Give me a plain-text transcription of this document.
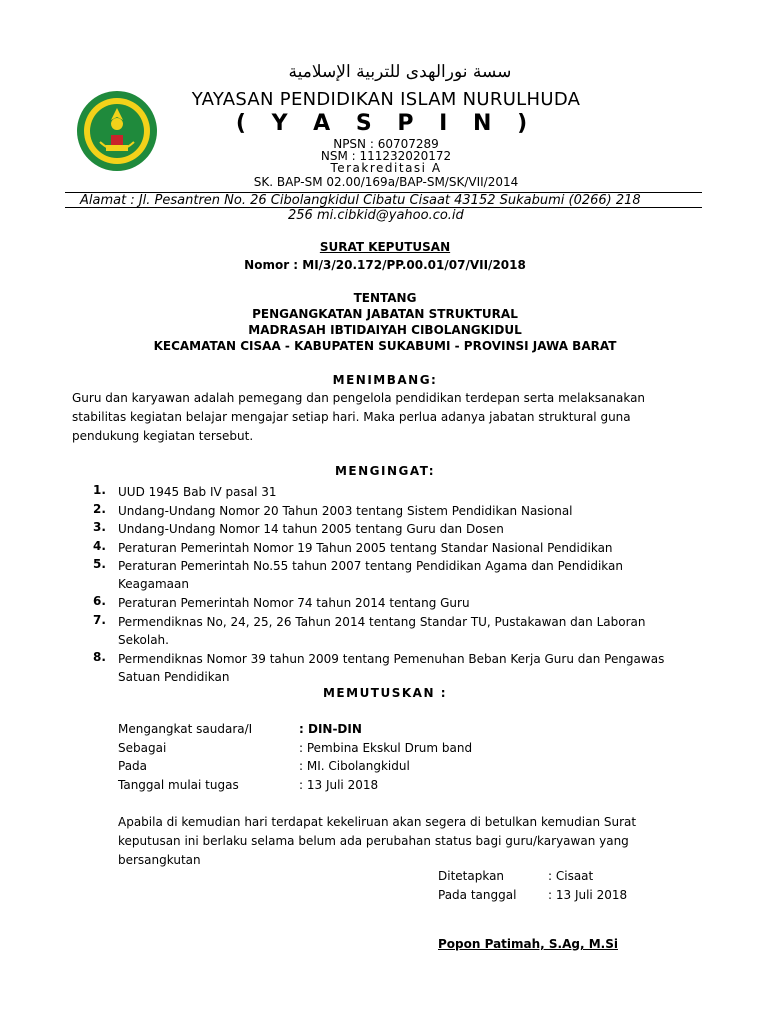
سسة نورالهدى للتربية الإسلامية
YAYASAN PENDIDIKAN ISLAM NURULHUDA
( Y A S P I N )
NPSN : 60707289
NSM : 111232020172
Terakreditasi A
SK. BAP-SM 02.00/169a/BAP-SM/SK/VII/2014
Alamat : Jl. Pesantren No. 26 Cibolangkidul Cibatu Cisaat 43152 Sukabumi (0266) 218
256 mi.cibkid@yahoo.co.id
SURAT KEPUTUSAN
Nomor : MI/3/20.172/PP.00.01/07/VII/2018
TENTANG
PENGANGKATAN JABATAN STRUKTURAL
MADRASAH IBTIDAIYAH CIBOLANGKIDUL
KECAMATAN CISAA - KABUPATEN SUKABUMI - PROVINSI JAWA BARAT
MENIMBANG:
Guru dan karyawan adalah pemegang dan pengelola pendidikan terdepan serta melaksanakan
stabilitas kegiatan belajar mengajar setiap hari. Maka perlua adanya jabatan struktural guna
pendukung kegiatan tersebut.
MENGINGAT:
1.	UUD 1945 Bab IV pasal 31
2.	Undang-Undang Nomor 20 Tahun 2003 tentang Sistem Pendidikan Nasional
3.	Undang-Undang Nomor 14 tahun 2005 tentang Guru dan Dosen
4.	Peraturan Pemerintah Nomor 19 Tahun 2005 tentang Standar Nasional Pendidikan
5.	Peraturan Pemerintah No.55 tahun 2007 tentang Pendidikan Agama dan Pendidikan Keagamaan
6.	Peraturan Pemerintah Nomor 74 tahun 2014 tentang Guru
7.	Permendiknas No, 24, 25, 26 Tahun 2014 tentang Standar TU, Pustakawan dan Laboran Sekolah.
8.	Permendiknas Nomor 39 tahun 2009 tentang Pemenuhan Beban Kerja Guru dan Pengawas Satuan Pendidikan
MEMUTUSKAN :
Mengangkat saudara/I	: DIN-DIN
Sebagai	: Pembina Ekskul Drum band
Pada	: MI. Cibolangkidul
Tanggal mulai tugas	: 13 Juli 2018
Apabila di kemudian hari terdapat kekeliruan akan segera di betulkan kemudian Surat
keputusan ini berlaku selama belum ada perubahan status bagi guru/karyawan yang
bersangkutan
Ditetapkan	: Cisaat
Pada tanggal	: 13 Juli 2018
Popon Patimah, S.Ag, M.Si
